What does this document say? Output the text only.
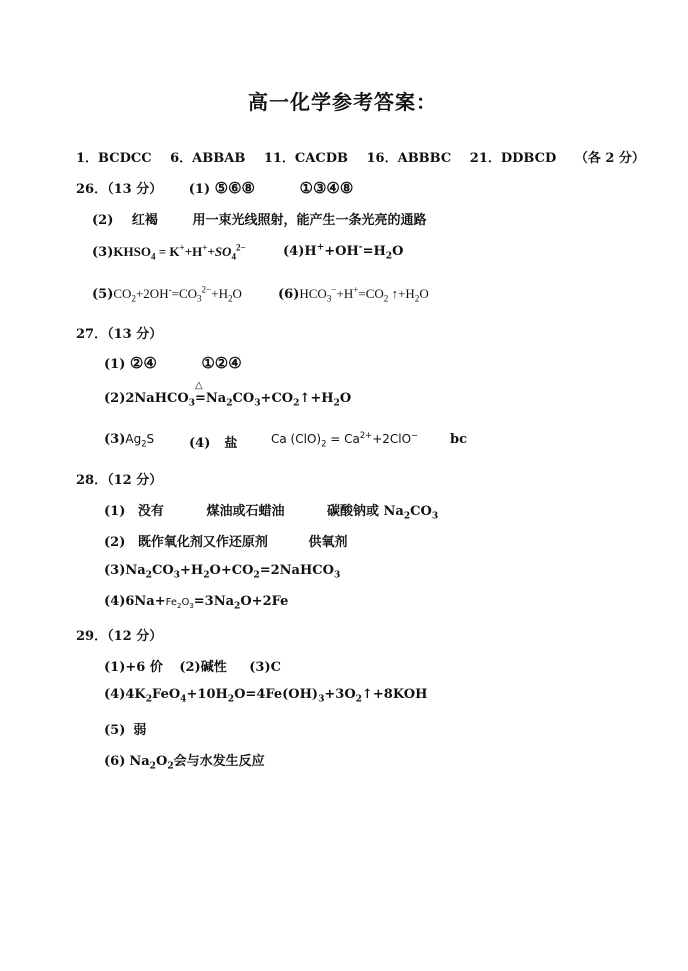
高一化学参考答案：
1．BCDCC 6．ABBAB 11．CACDB 16．ABBBC 21．DDBCD （各 2 分）
26．（13 分） (1) ⑤⑥⑧	①③④⑧
(2) 红褐	用一束光线照射，能产生一条光亮的通路
$(3)KHSO_4 = K^++H^++SO_4^{2-}$	$(4)H^++OH^-=H_2O$
$(5)CO_2+2OH^-=CO_3^{2-}+H_2O$	$(6)HCO_3^-+H^+=CO_2$ $↑+H_2O$
27．（13 分）
(1) ②④	①②④
(2)2NaHCO$_3$
△
$=Na_2CO_3+CO_2↑+H_2O$
$(3)Ag_2S$	(4) 盐	Ca $(ClO)_2 = Ca^{2+}+2ClO^-$ bc
28．（12 分）
(1) 没有	煤油或石蜡油	碳酸钠或 $Na_2CO_3$
(2) 既作氧化剂又作还原剂	供氧剂
$(3)Na_2CO_3+H_2O+CO_2=2NaHCO_3$
$(4)6Na+Fe_2O_3=3Na_2O+2Fe$
29．（12 分）
(1)+6 价 (2)碱性 (3)C
$(4)4K_2FeO_4+10H_2O=4Fe(OH)_3+3O_2↑+8KOH$
(5) 弱
(6) $Na_2O_2$会与水发生反应
